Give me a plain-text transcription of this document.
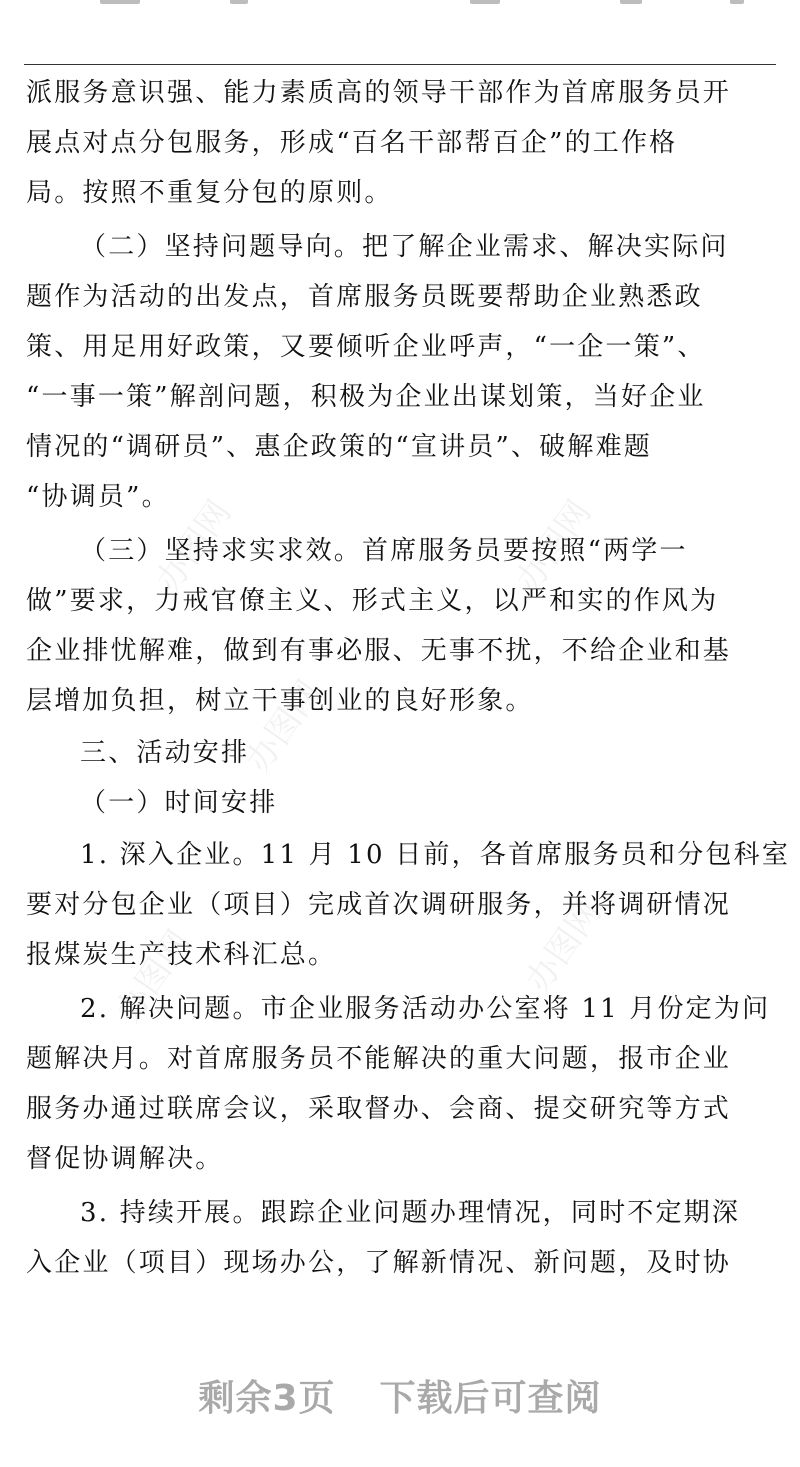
办图网	办图网
办图网
办图网
办图网
派服务意识强、能力素质高的领导干部作为首席服务员开
展点对点分包服务，形成“百名干部帮百企”的工作格
局。按照不重复分包的原则。
（二）坚持问题导向。把了解企业需求、解决实际问
题作为活动的出发点，首席服务员既要帮助企业熟悉政
策、用足用好政策，又要倾听企业呼声，“一企一策”、
“一事一策”解剖问题，积极为企业出谋划策，当好企业
情况的“调研员”、惠企政策的“宣讲员”、破解难题
“协调员”。
（三）坚持求实求效。首席服务员要按照“两学一
做”要求，力戒官僚主义、形式主义，以严和实的作风为
企业排忧解难，做到有事必服、无事不扰，不给企业和基
层增加负担，树立干事创业的良好形象。
三、活动安排
（一）时间安排
1. 深入企业。11 月 10 日前，各首席服务员和分包科室
要对分包企业（项目）完成首次调研服务，并将调研情况
报煤炭生产技术科汇总。
2. 解决问题。市企业服务活动办公室将 11 月份定为问
题解决月。对首席服务员不能解决的重大问题，报市企业
服务办通过联席会议，采取督办、会商、提交研究等方式
督促协调解决。
3. 持续开展。跟踪企业问题办理情况，同时不定期深
入企业（项目）现场办公，了解新情况、新问题，及时协
剩余3页 下载后可查阅
